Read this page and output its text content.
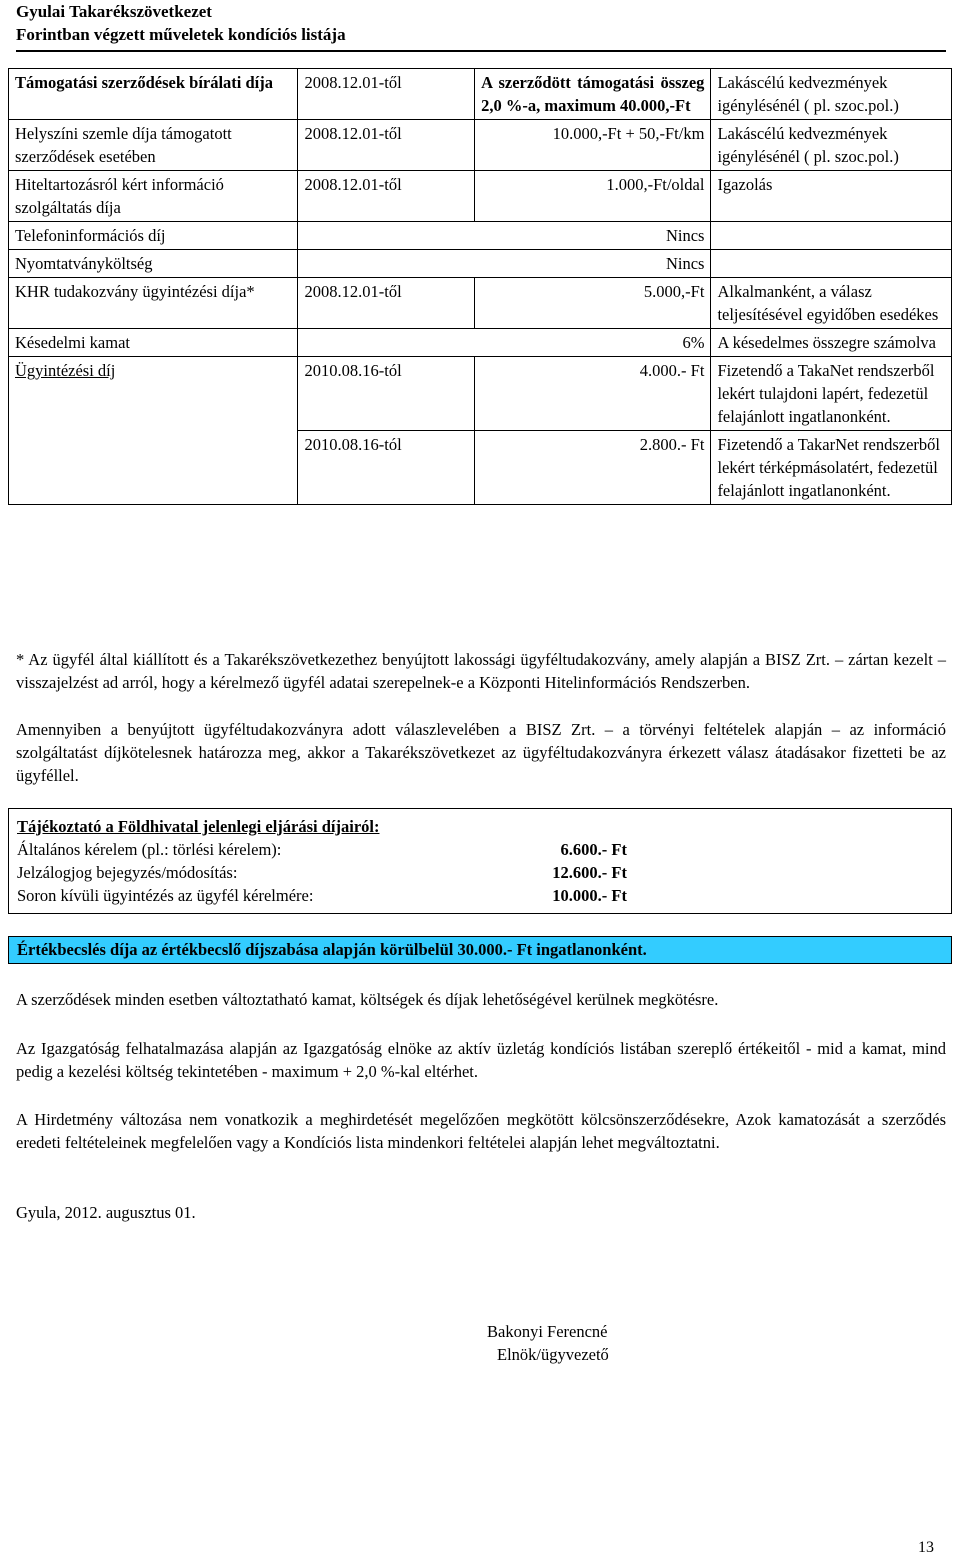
Gyulai Takarékszövetkezet
Forintban végzett műveletek kondíciós listája
Támogatási szerződések bírálati díja	2008.12.01-től	A szerződött támogatási összeg 2,0 %-a, maximum 40.000,-Ft	Lakáscélú kedvezmények igénylésénél ( pl. szoc.pol.)
Helyszíni szemle díja támogatott szerződések esetében	2008.12.01-től	10.000,-Ft + 50,-Ft/km	Lakáscélú kedvezmények igénylésénél ( pl. szoc.pol.)
Hiteltartozásról kért információ szolgáltatás díja	2008.12.01-től	1.000,-Ft/oldal	Igazolás
Telefoninformációs díj	Nincs		
Nyomtatványköltség	Nincs		
KHR tudakozvány ügyintézési díja*	2008.12.01-től	5.000,-Ft	Alkalmanként, a válasz teljesítésével egyidőben esedékes
Késedelmi kamat	6%		A késedelmes összegre számolva
Ügyintézési díj	2010.08.16-tól	4.000.- Ft	Fizetendő a TakaNet rendszerből lekért tulajdoni lapért, fedezetül felajánlott ingatlanonként.
	2010.08.16-tól	2.800.- Ft	Fizetendő a TakarNet rendszerből lekért térképmásolatért, fedezetül felajánlott ingatlanonként.
* Az ügyfél által kiállított és a Takarékszövetkezethez benyújtott lakossági ügyféltudakozvány, amely alapján a BISZ Zrt. – zártan kezelt – visszajelzést ad arról, hogy a kérelmező ügyfél adatai szerepelnek-e a Központi Hitelinformációs Rendszerben.
Amennyiben a benyújtott ügyféltudakozványra adott válaszlevelében a BISZ Zrt. – a törvényi feltételek alapján – az információ szolgáltatást díjkötelesnek határozza meg, akkor a Takarékszövetkezet az ügyféltudakozványra érkezett válasz átadásakor fizetteti be az ügyféllel.
Tájékoztató a Földhivatal jelenlegi eljárási díjairól:
Általános kérelem (pl.: törlési kérelem):	6.600.- Ft
Jelzálogjog bejegyzés/módosítás:	12.600.- Ft
Soron kívüli ügyintézés az ügyfél kérelmére:	10.000.- Ft
Értékbecslés díja az értékbecslő díjszabása alapján körülbelül 30.000.- Ft ingatlanonként.
A szerződések minden esetben változtatható kamat, költségek és díjak lehetőségével kerülnek megkötésre.
Az Igazgatóság felhatalmazása alapján az Igazgatóság elnöke az aktív üzletág kondíciós listában szereplő értékeitől - mid a kamat, mind pedig a kezelési költség tekintetében - maximum + 2,0 %-kal eltérhet.
A Hirdetmény változása nem vonatkozik a meghirdetését megelőzően megkötött kölcsönszerződésekre, Azok kamatozását a szerződés eredeti feltételeinek megfelelően vagy a Kondíciós lista mindenkori feltételei alapján lehet megváltoztatni.
Gyula, 2012. augusztus 01.
Bakonyi Ferencné
Elnök/ügyvezető
13
